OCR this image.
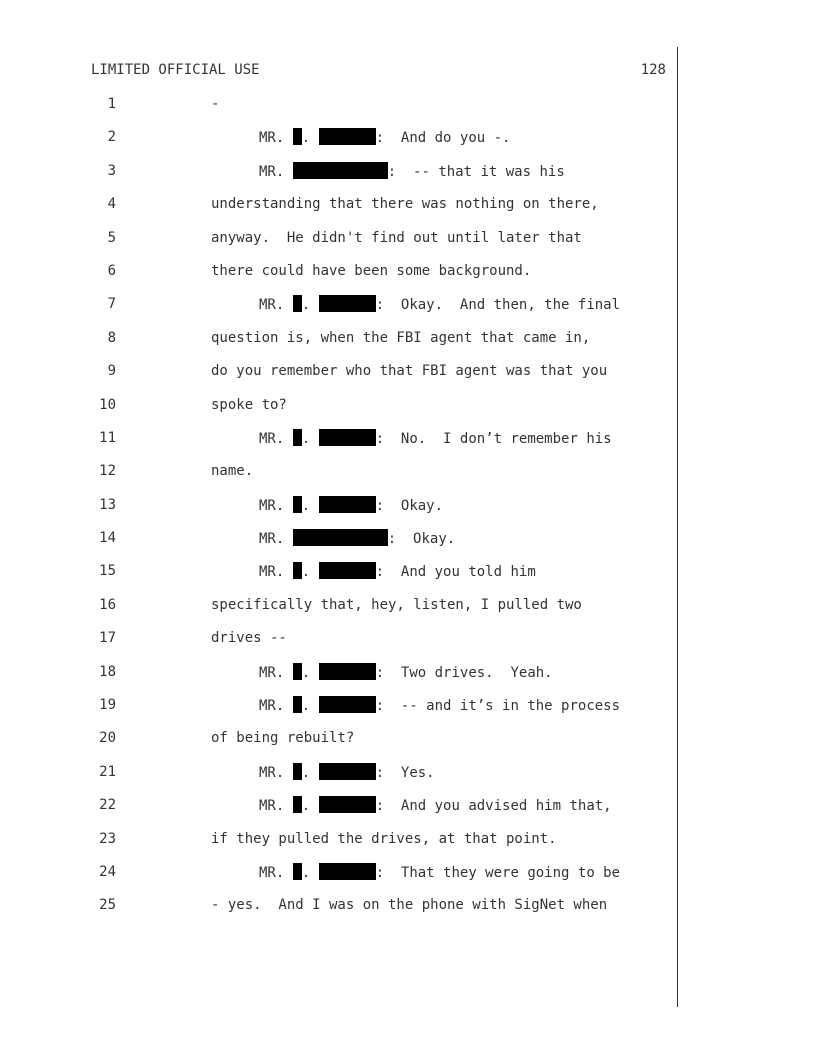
LIMITED OFFICIAL USE	128
1	-
2	MR. .	:  And do you -.
3	MR.	:  -- that it was his
4	understanding that there was nothing on there,
5	anyway.  He didn't find out until later that
6	there could have been some background.
7	MR. .	:  Okay.  And then, the final
8	question is, when the FBI agent that came in,
9	do you remember who that FBI agent was that you
10	spoke to?
11	MR. .	:  No.  I don’t remember his
12	name.
13	MR. .	:  Okay.
14	MR.	:  Okay.
15	MR. .	:  And you told him
16	specifically that, hey, listen, I pulled two
17	drives --
18	MR. .	:  Two drives.  Yeah.
19	MR. .	:  -- and it’s in the process
20	of being rebuilt?
21	MR. .	:  Yes.
22	MR. .	:  And you advised him that,
23	if they pulled the drives, at that point.
24	MR. .	:  That they were going to be
25	- yes.  And I was on the phone with SigNet when
